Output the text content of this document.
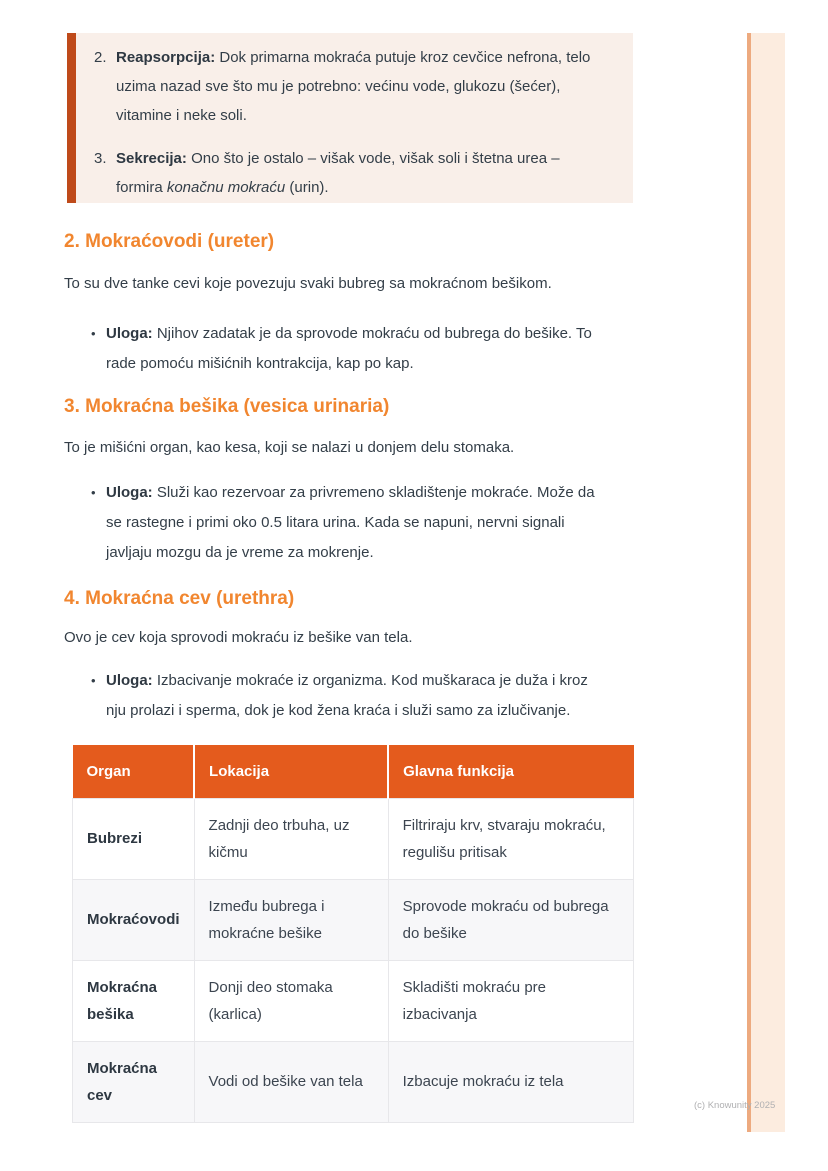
2. Reapsorpcija: Dok primarna mokraća putuje kroz cevčice nefrona, telo uzima nazad sve što mu je potrebno: većinu vode, glukozu (šećer), vitamine i neke soli.
3. Sekrecija: Ono što je ostalo – višak vode, višak soli i štetna urea – formira konačnu mokraću (urin).
2. Mokraćovodi (ureter)

To su dve tanke cevi koje povezuju svaki bubreg sa mokraćnom bešikom.

• Uloga: Njihov zadatak je da sprovode mokraću od bubrega do bešike. To rade pomoću mišićnih kontrakcija, kap po kap.
3. Mokraćna bešika (vesica urinaria)

To je mišićni organ, kao kesa, koji se nalazi u donjem delu stomaka.

• Uloga: Služi kao rezervoar za privremeno skladištenje mokraće. Može da se rastegne i primi oko 0.5 litara urina. Kada se napuni, nervni signali javljaju mozgu da je vreme za mokrenje.
4. Mokraćna cev (urethra)

Ovo je cev koja sprovodi mokraću iz bešike van tela.

• Uloga: Izbacivanje mokraće iz organizma. Kod muškaraca je duža i kroz nju prolazi i sperma, dok je kod žena kraća i služi samo za izlučivanje.
Organ	Lokacija	Glavna funkcija
Bubrezi	Zadnji deo trbuha, uz kičmu	Filtriraju krv, stvaraju mokraću, regulišu pritisak
Mokraćovodi	Između bubrega i mokraćne bešike	Sprovode mokraću od bubrega do bešike
Mokraćna bešika	Donji deo stomaka (karlica)	Skladišti mokraću pre izbacivanja
Mokraćna cev	Vodi od bešike van tela	Izbacuje mokraću iz tela
(c) Knowunity 2025
